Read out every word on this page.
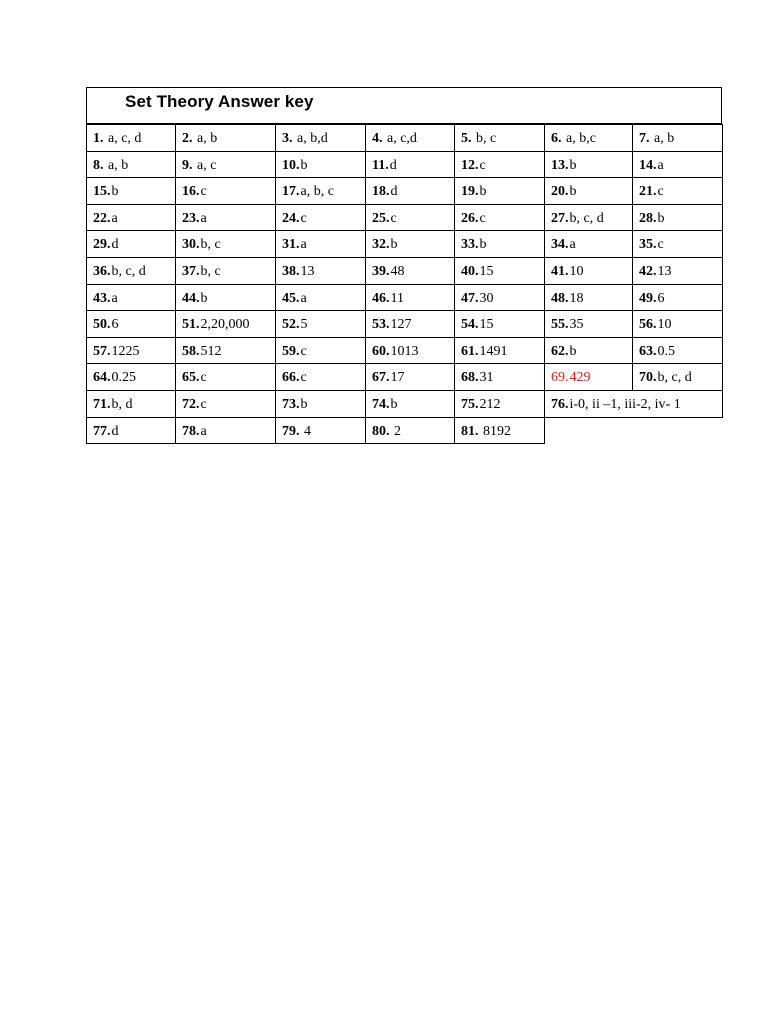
Set Theory Answer key
1. a, c, d	2. a, b	3. a, b,d	4. a, c,d	5. b, c	6. a, b,c	7. a, b
8. a, b	9. a, c	10.b	11.d	12.c	13.b	14.a
15.b	16.c	17.a, b, c	18.d	19.b	20.b	21.c
22.a	23.a	24.c	25.c	26.c	27.b, c, d	28.b
29.d	30.b, c	31.a	32.b	33.b	34.a	35.c
36.b, c, d	37.b, c	38.13	39.48	40.15	41.10	42.13
43.a	44.b	45.a	46.11	47.30	48.18	49.6
50.6	51.2,20,000	52.5	53.127	54.15	55.35	56.10
57.1225	58.512	59.c	60.1013	61.1491	62.b	63.0.5
64.0.25	65.c	66.c	67.17	68.31	69.429	70.b, c, d
71.b, d	72.c	73.b	74.b	75.212	76.i-0, ii –1, iii-2, iv- 1
77.d	78.a	79. 4	80. 2	81. 8192
